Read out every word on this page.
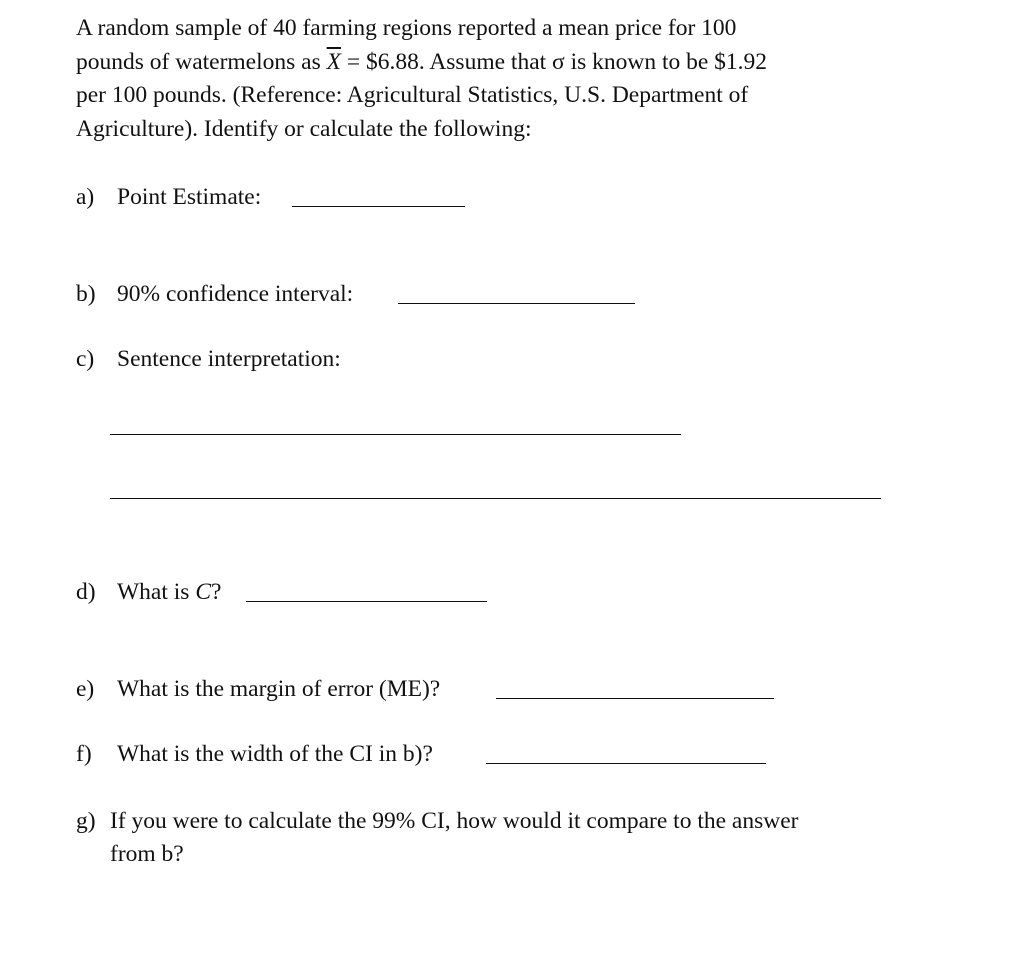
A random sample of 40 farming regions reported a mean price for 100
pounds of watermelons as $\overline{X}$ = $6.88. Assume that σ is known to be $1.92
per 100 pounds. (Reference: Agricultural Statistics, U.S. Department of
Agriculture). Identify or calculate the following:
a) Point Estimate:
b) 90% confidence interval:
c) Sentence interpretation:
d) What is C?
e) What is the margin of error (ME)?
f) What is the width of the CI in b)?
g) If you were to calculate the 99% CI, how would it compare to the answer
from b?
